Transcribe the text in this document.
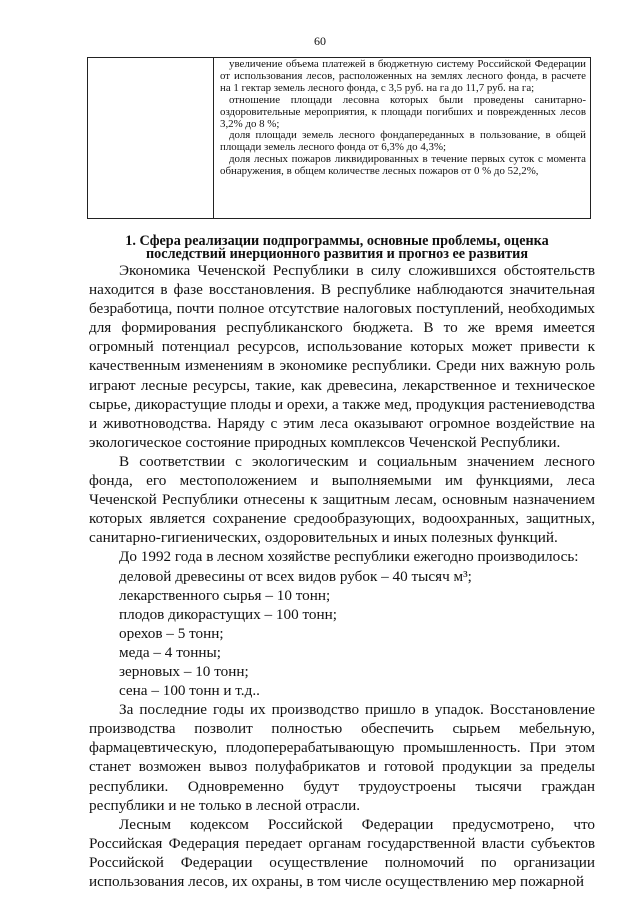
60

увеличение объема платежей в бюджетную систему Российской Федерации от использования лесов, расположенных на землях лесного фонда, в расчете на 1 гектар земель лесного фонда, с 3,5 руб. на га до 11,7 руб. на га;

отношение площади лесовна которых были проведены санитарно-оздоровительные мероприятия, к площади погибших и поврежденных лесов 3,2% до 8 %;

доля площади земель лесного фондапереданных в пользование, в общей площади земель лесного фонда от 6,3% до 4,3%;

доля лесных пожаров ликвидированных в течение первых суток с момента обнаружения, в общем количестве лесных пожаров от 0 % до 52,2%,

1. Сфера реализации подпрограммы, основные проблемы, оценка последствий инерционного развития и прогноз ее развития

Экономика Чеченской Республики в силу сложившихся обстоятельств находится в фазе восстановления. В республике наблюдаются значительная безработица, почти полное отсутствие налоговых поступлений, необходимых для формирования республиканского бюджета. В то же время имеется огромный потенциал ресурсов, использование которых может привести к качественным изменениям в экономике республики. Среди них важную роль играют лесные ресурсы, такие, как древесина, лекарственное и техническое сырье, дикорастущие плоды и орехи, а также мед, продукция растениеводства и животноводства. Наряду с этим леса оказывают огромное воздействие на экологическое состояние природных комплексов Чеченской Республики.

В соответствии с экологическим и социальным значением лесного фонда, его местоположением и выполняемыми им функциями, леса Чеченской Республики отнесены к защитным лесам, основным назначением которых является сохранение средообразующих, водоохранных, защитных, санитарно-гигиенических, оздоровительных и иных полезных функций.

До 1992 года в лесном хозяйстве республики ежегодно производилось:

деловой древесины от всех видов рубок – 40 тысяч м³;
лекарственного сырья – 10 тонн;
плодов дикорастущих – 100 тонн;
орехов – 5 тонн;
меда – 4 тонны;
зерновых – 10 тонн;
сена – 100 тонн и т.д..

За последние годы их производство пришло в упадок. Восстановление производства позволит полностью обеспечить сырьем мебельную, фармацевтическую, плодоперерабатывающую промышленность. При этом станет возможен вывоз полуфабрикатов и готовой продукции за пределы республики. Одновременно будут трудоустроены тысячи граждан республики и не только в лесной отрасли.

Лесным кодексом Российской Федерации предусмотрено, что Российская Федерация передает органам государственной власти субъектов Российской Федерации осуществление полномочий по организации использования лесов, их охраны, в том числе осуществлению мер пожарной
